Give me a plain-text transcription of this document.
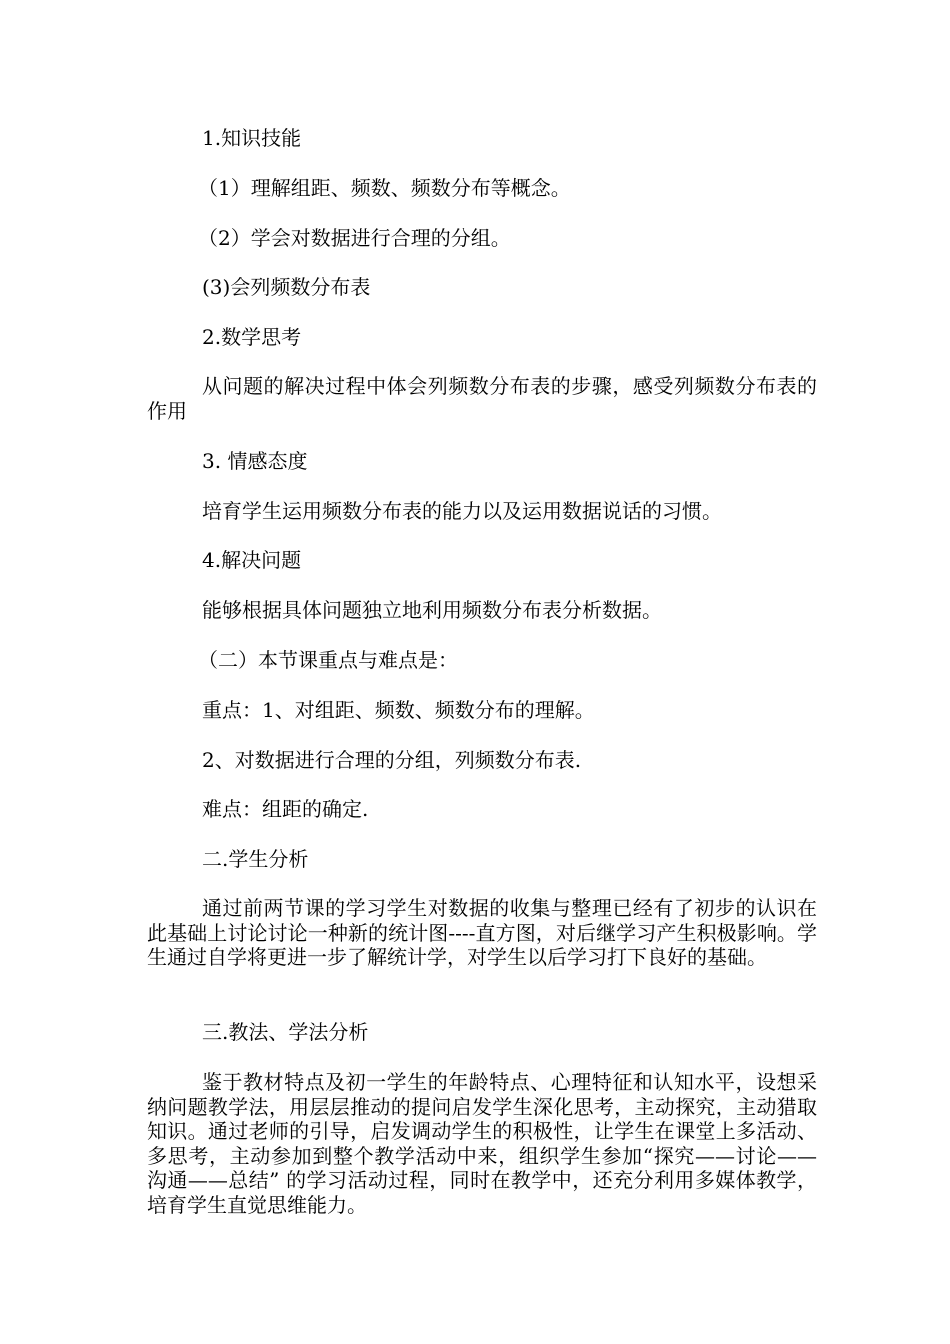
1.知识技能

（1）理解组距、频数、频数分布等概念。

（2）学会对数据进行合理的分组。

(3)会列频数分布表

2.数学思考

从问题的解决过程中体会列频数分布表的步骤，感受列频数分布表的作用

3. 情感态度

培育学生运用频数分布表的能力以及运用数据说话的习惯。

4.解决问题

能够根据具体问题独立地利用频数分布表分析数据。

（二）本节课重点与难点是：

重点：1、对组距、频数、频数分布的理解。

2、对数据进行合理的分组，列频数分布表.

难点：组距的确定.

二.学生分析

通过前两节课的学习学生对数据的收集与整理已经有了初步的认识在此基础上讨论讨论一种新的统计图----直方图，对后继学习产生积极影响。学生通过自学将更进一步了解统计学，对学生以后学习打下良好的基础。

三.教法、学法分析

鉴于教材特点及初一学生的年龄特点、心理特征和认知水平，设想采纳问题教学法，用层层推动的提问启发学生深化思考，主动探究，主动猎取知识。通过老师的引导，启发调动学生的积极性，让学生在课堂上多活动、多思考，主动参加到整个教学活动中来，组织学生参加“探究——讨论——沟通——总结” 的学习活动过程，同时在教学中，还充分利用多媒体教学，培育学生直觉思维能力。
